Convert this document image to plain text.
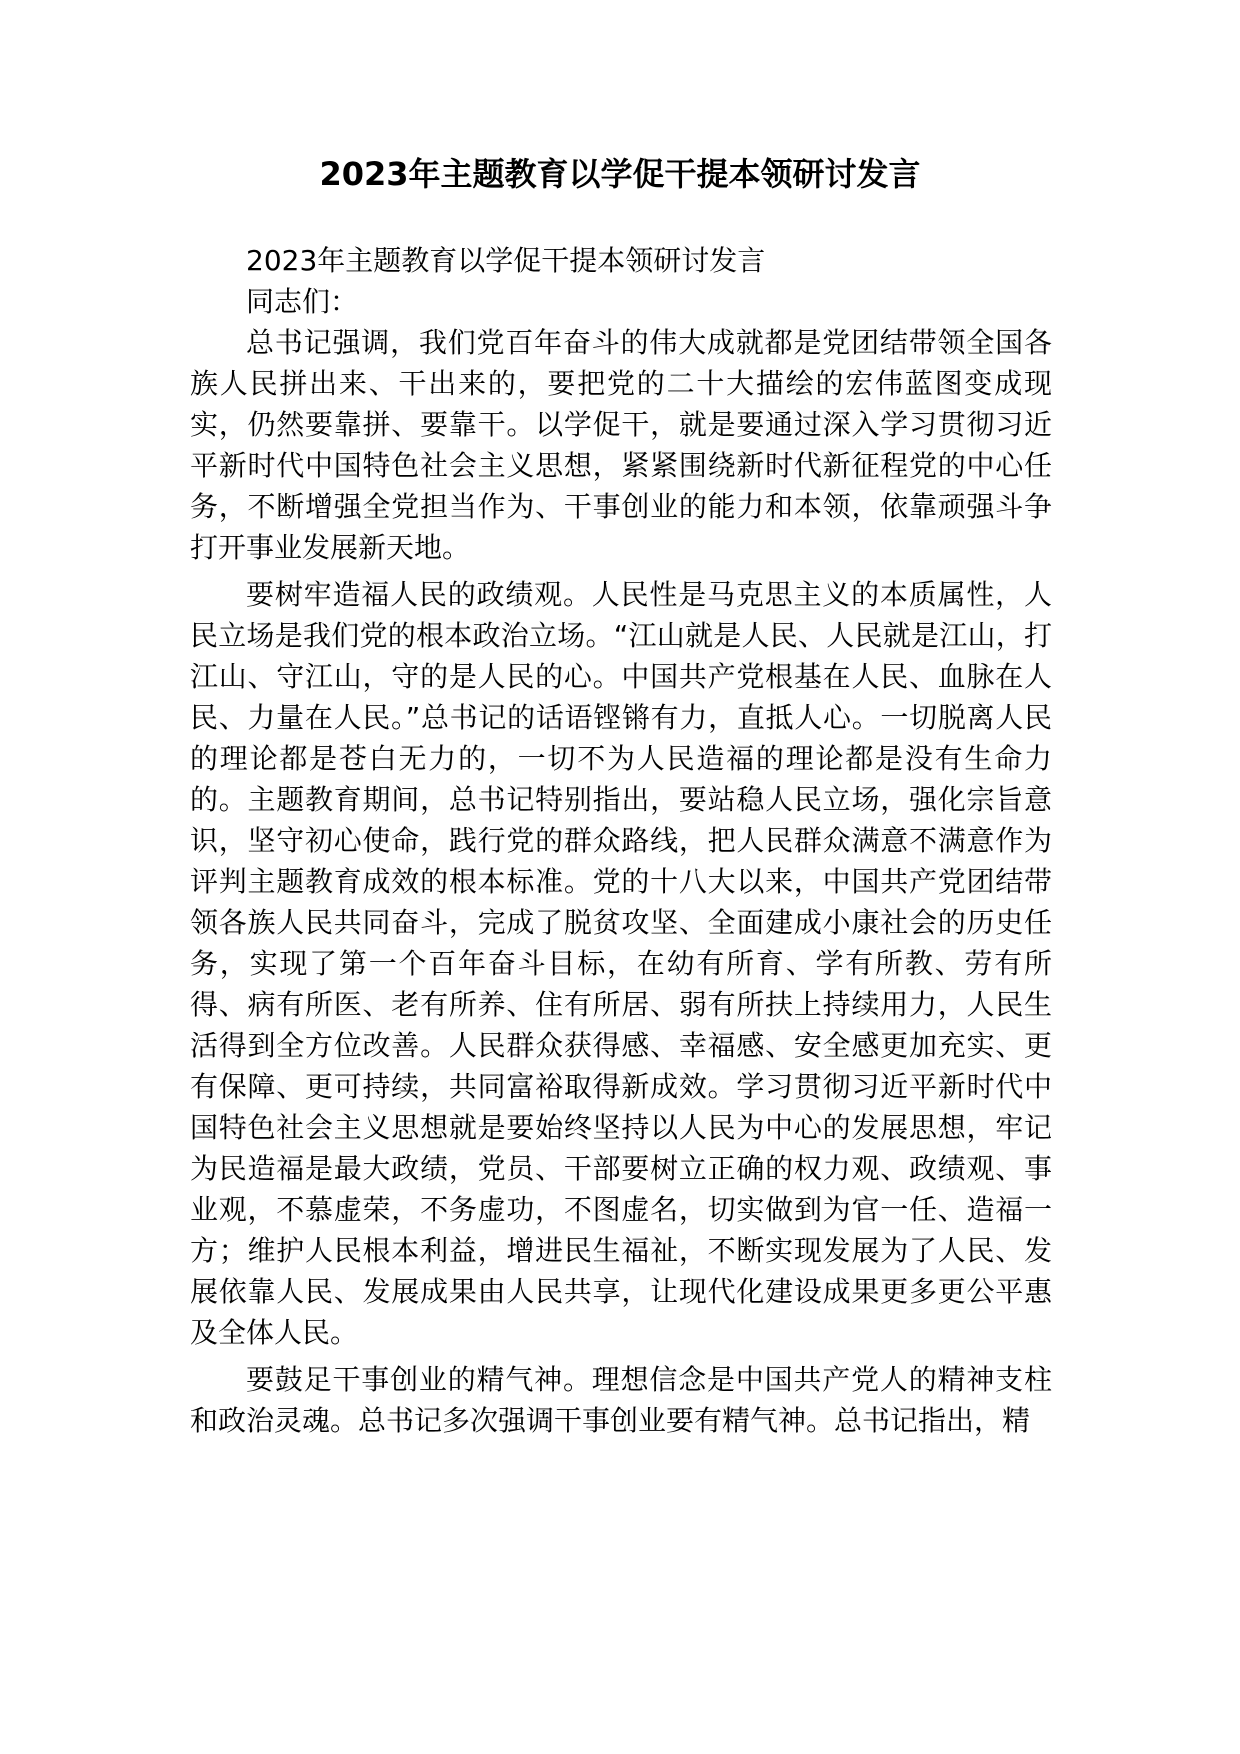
2023年主题教育以学促干提本领研讨发言

2023年主题教育以学促干提本领研讨发言

同志们：

总书记强调，我们党百年奋斗的伟大成就都是党团结带领全国各族人民拼出来、干出来的，要把党的二十大描绘的宏伟蓝图变成现实，仍然要靠拼、要靠干。以学促干，就是要通过深入学习贯彻习近平新时代中国特色社会主义思想，紧紧围绕新时代新征程党的中心任务，不断增强全党担当作为、干事创业的能力和本领，依靠顽强斗争打开事业发展新天地。

要树牢造福人民的政绩观。人民性是马克思主义的本质属性，人民立场是我们党的根本政治立场。“江山就是人民、人民就是江山，打江山、守江山，守的是人民的心。中国共产党根基在人民、血脉在人民、力量在人民。”总书记的话语铿锵有力，直抵人心。一切脱离人民的理论都是苍白无力的，一切不为人民造福的理论都是没有生命力的。主题教育期间，总书记特别指出，要站稳人民立场，强化宗旨意识，坚守初心使命，践行党的群众路线，把人民群众满意不满意作为评判主题教育成效的根本标准。党的十八大以来，中国共产党团结带领各族人民共同奋斗，完成了脱贫攻坚、全面建成小康社会的历史任务，实现了第一个百年奋斗目标，在幼有所育、学有所教、劳有所得、病有所医、老有所养、住有所居、弱有所扶上持续用力，人民生活得到全方位改善。人民群众获得感、幸福感、安全感更加充实、更有保障、更可持续，共同富裕取得新成效。学习贯彻习近平新时代中国特色社会主义思想就是要始终坚持以人民为中心的发展思想，牢记为民造福是最大政绩，党员、干部要树立正确的权力观、政绩观、事业观，不慕虚荣，不务虚功，不图虚名，切实做到为官一任、造福一方；维护人民根本利益，增进民生福祉，不断实现发展为了人民、发展依靠人民、发展成果由人民共享，让现代化建设成果更多更公平惠及全体人民。

要鼓足干事创业的精气神。理想信念是中国共产党人的精神支柱和政治灵魂。总书记多次强调干事创业要有精气神。总书记指出，精
